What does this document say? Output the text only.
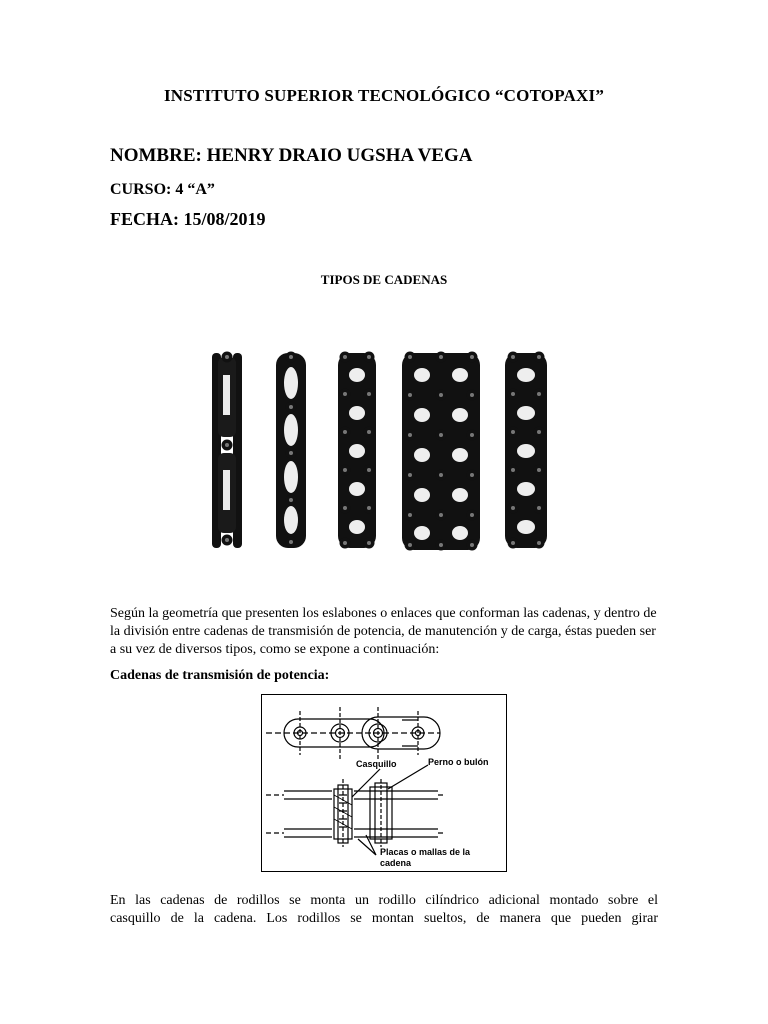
INSTITUTO SUPERIOR TECNOLÓGICO “COTOPAXI”
NOMBRE: HENRY DRAIO UGSHA VEGA
CURSO: 4 “A”
FECHA: 15/08/2019
TIPOS DE CADENAS

Según la geometría que presenten los eslabones o enlaces que conforman las cadenas, y dentro de la división entre cadenas de transmisión de potencia, de manutención y de carga, éstas pueden ser a su vez de diversos tipos, como se expone a continuación:

Cadenas de transmisión de potencia:
Casquillo	Perno o bulón
Placas o mallas de la
cadena
En las cadenas de rodillos se monta un rodillo cilíndrico adicional montado sobre el
casquillo de la cadena. Los rodillos se montan sueltos, de manera que pueden girar
